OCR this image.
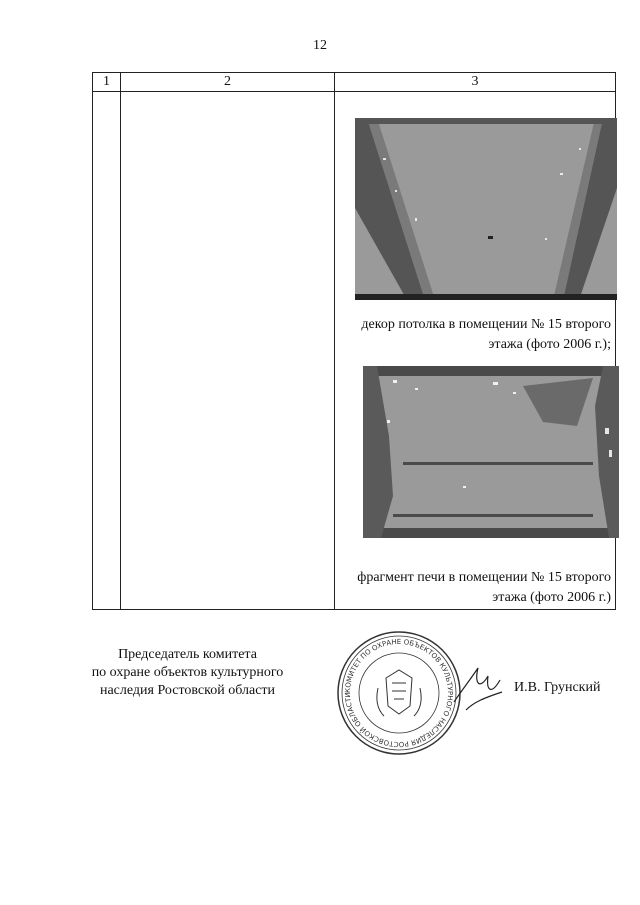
12
1	2	3

		декор потолка в помещении № 15 второго
этажа (фото 2006 г.);
фрагмент печи в помещении № 15 второго
этажа (фото 2006 г.)
Председатель комитета
по охране объектов культурного
наследия Ростовской области	КОМИТЕТ ПО ОХРАНЕ ОБЪЕКТОВ КУЛЬТУРНОГО НАСЛЕДИЯ РОСТОВСКОЙ ОБЛАСТИ
И.В. Грунский
